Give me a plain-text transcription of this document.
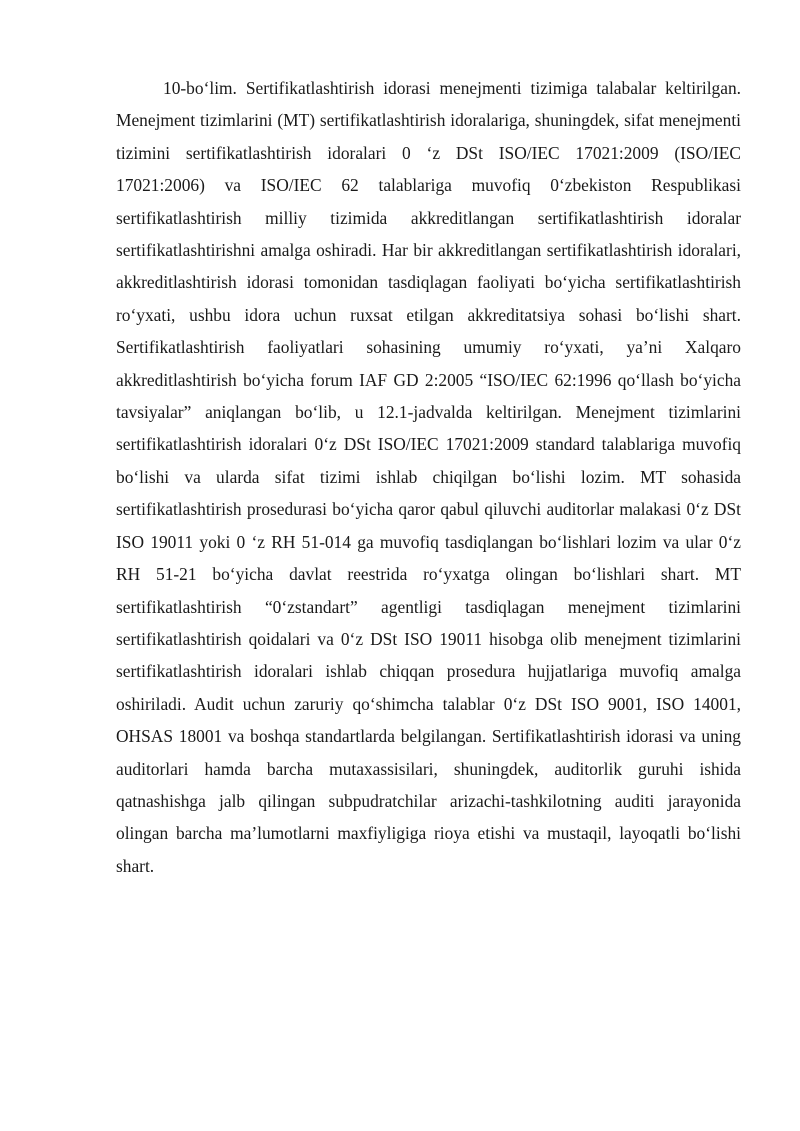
10-bo‘lim. Sertifikatlashtirish idorasi menejmenti tizimiga talabalar keltirilgan. Menejment tizimlarini (MT) sertifikatlashtirish idoralariga, shuningdek, sifat menejmenti tizimini sertifikatlashtirish idoralari 0 ‘z DSt ISO/IEC 17021:2009 (ISO/IEC 17021:2006) va ISO/IEC 62 talablariga muvofiq 0‘zbekiston Respublikasi sertifikatlashtirish milliy tizimida akkreditlangan sertifikatlashtirish idoralar sertifikatlashtirishni amalga oshiradi. Har bir akkreditlangan sertifikatlashtirish idoralari, akkreditlashtirish idorasi tomonidan tasdiqlagan faoliyati bo‘yicha sertifikatlashtirish ro‘yxati, ushbu idora uchun ruxsat etilgan akkreditatsiya sohasi bo‘lishi shart. Sertifikatlashtirish faoliyatlari sohasining umumiy ro‘yxati, ya’ni Xalqaro akkreditlashtirish bo‘yicha forum IAF GD 2:2005 “ISO/IEC 62:1996 qo‘llash bo‘yicha tavsiyalar” aniqlangan bo‘lib, u 12.1-jadvalda keltirilgan. Menejment tizimlarini sertifikatlashtirish idoralari 0‘z DSt ISO/IEC 17021:2009 standard talablariga muvofiq bo‘lishi va ularda sifat tizimi ishlab chiqilgan bo‘lishi lozim. MT sohasida sertifikatlashtirish prosedurasi bo‘yicha qaror qabul qiluvchi auditorlar malakasi 0‘z DSt ISO 19011 yoki 0 ‘z RH 51-014 ga muvofiq tasdiqlangan bo‘lishlari lozim va ular 0‘z RH 51-21 bo‘yicha davlat reestrida ro‘yxatga olingan bo‘lishlari shart. MT sertifikatlashtirish “0‘zstandart” agentligi tasdiqlagan menejment tizimlarini sertifikatlashtirish qoidalari va 0‘z DSt ISO 19011 hisobga olib menejment tizimlarini sertifikatlashtirish idoralari ishlab chiqqan prosedura hujjatlariga muvofiq amalga oshiriladi. Audit uchun zaruriy qo‘shimcha talablar 0‘z DSt ISO 9001, ISO 14001, OHSAS 18001 va boshqa standartlarda belgilangan. Sertifikatlashtirish idorasi va uning auditorlari hamda barcha mutaxassisilari, shuningdek, auditorlik guruhi ishida qatnashishga jalb qilingan subpudratchilar arizachi-tashkilotning auditi jarayonida olingan barcha ma’lumotlarni maxfiyligiga rioya etishi va mustaqil, layoqatli bo‘lishi shart.
